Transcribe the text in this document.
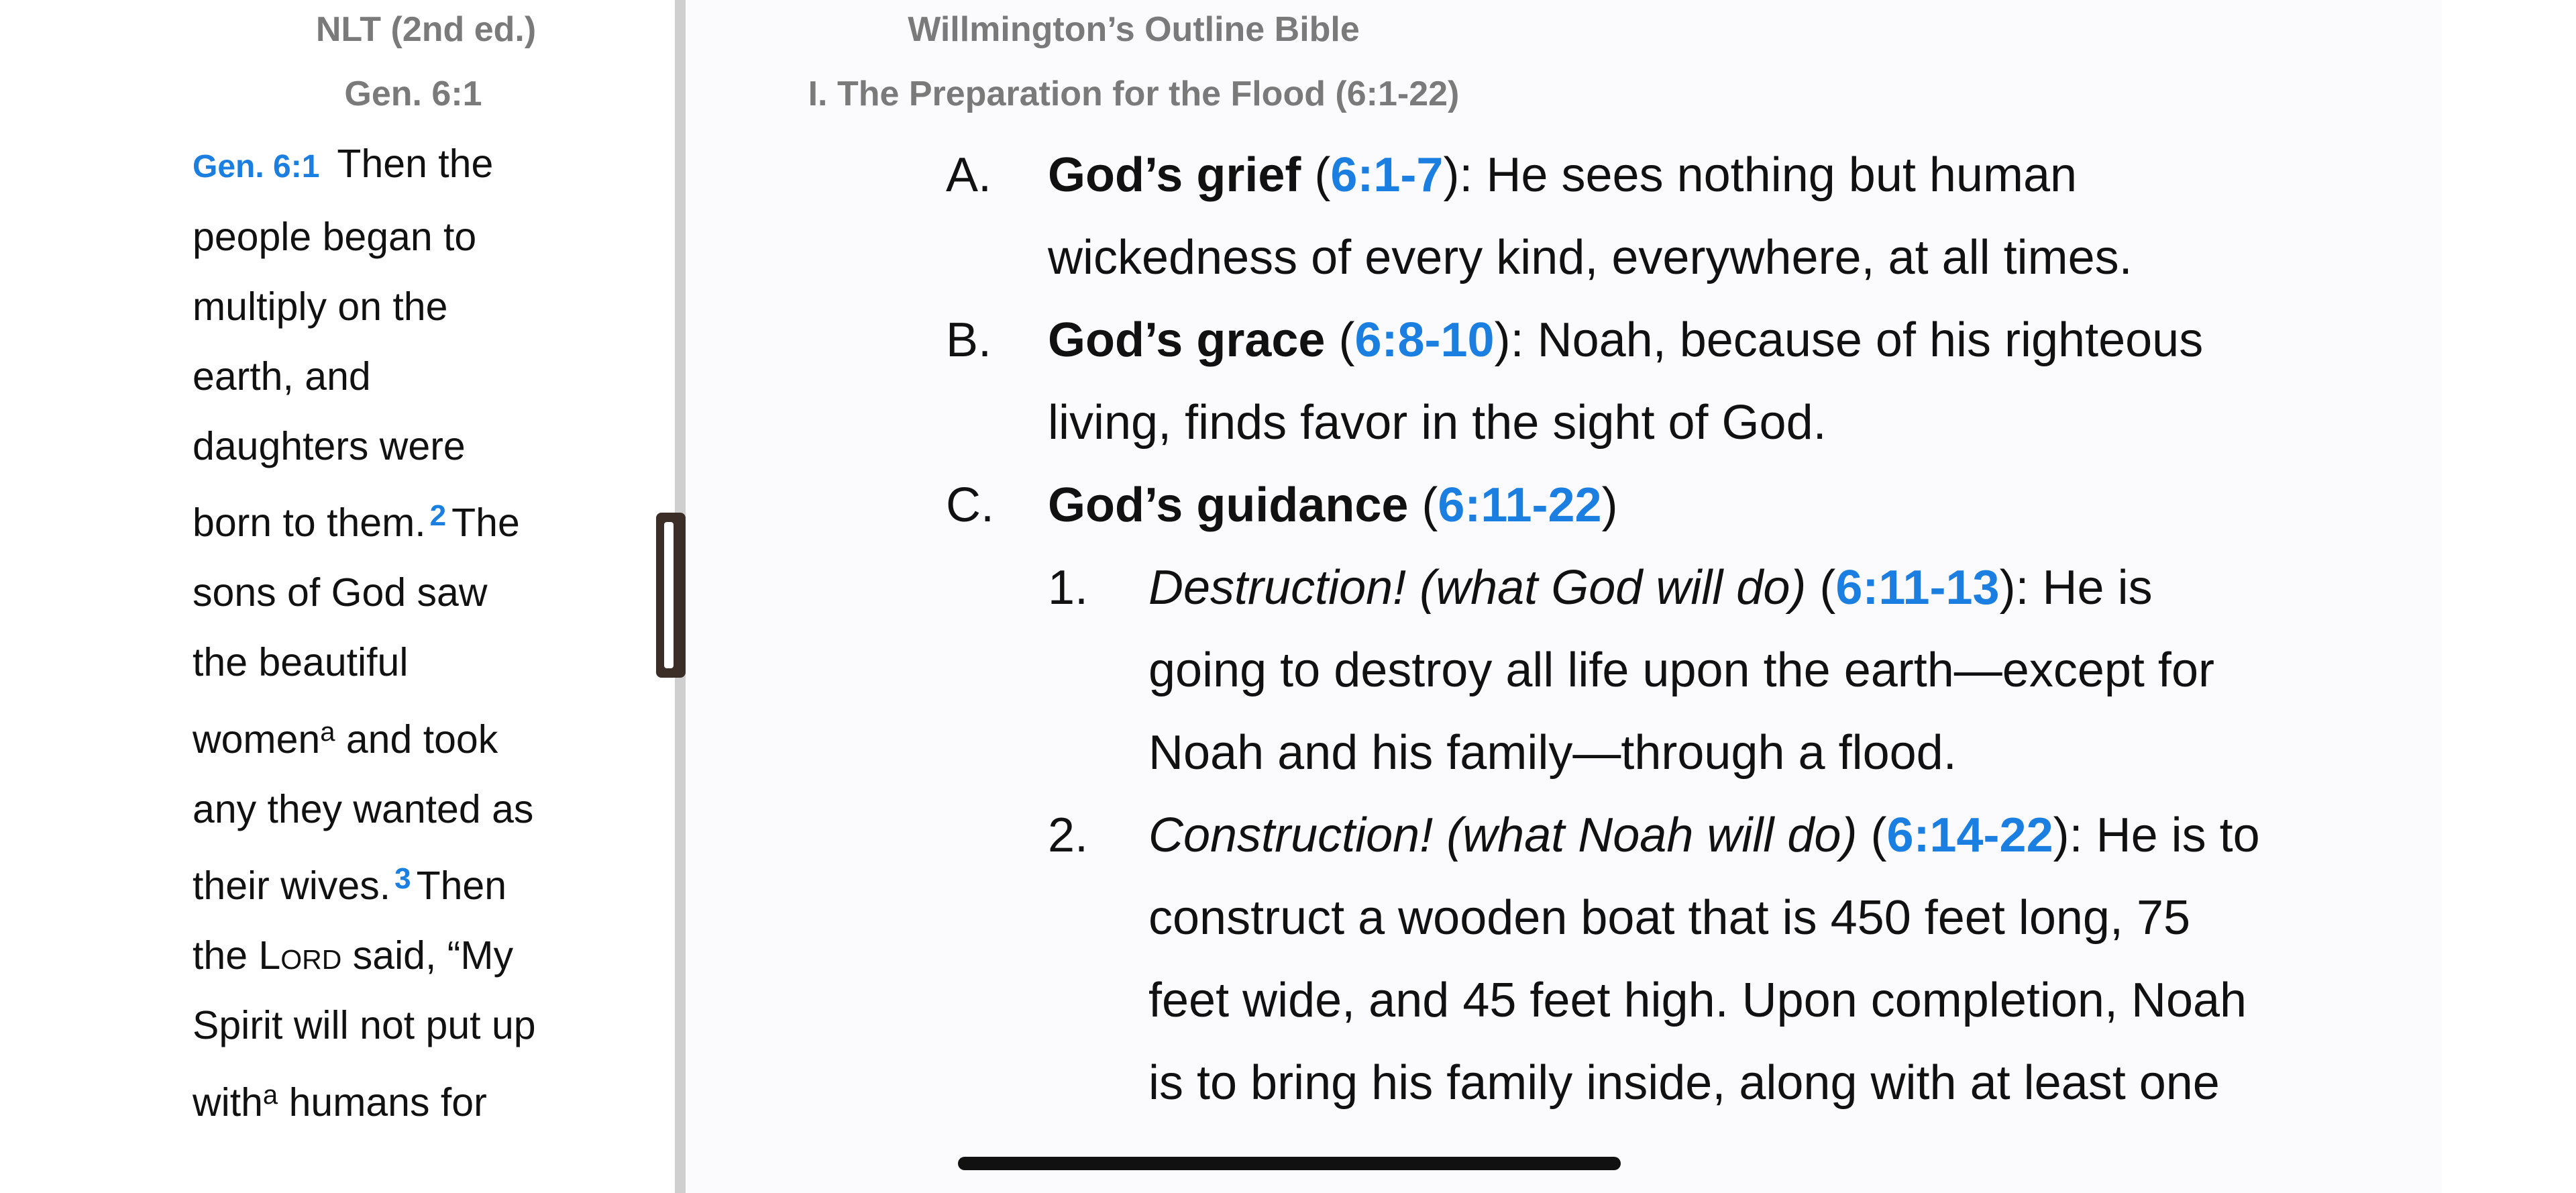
NLT (2nd ed.)
Gen. 6:1
Gen. 6:1 Then the
people began to
multiply on the
earth, and
daughters were
born to them. $^2$ The
sons of God saw
the beautiful
women$^a$ and took
any they wanted as
their wives. $^3$ Then
the Lord said, “My
Spirit will not put up
with$^a$ humans for
Willmington’s Outline Bible
I. The Preparation for the Flood (6:1-22)
A. God’s grief (6:1-7): He sees nothing but human
wickedness of every kind, everywhere, at all times.
B. God’s grace (6:8-10): Noah, because of his righteous
living, finds favor in the sight of God.
C. God’s guidance (6:11-22)
1. Destruction! (what God will do) (6:11-13): He is
going to destroy all life upon the earth—except for
Noah and his family—through a flood.
2. Construction! (what Noah will do) (6:14-22): He is to
construct a wooden boat that is 450 feet long, 75
feet wide, and 45 feet high. Upon completion, Noah
is to bring his family inside, along with at least one
